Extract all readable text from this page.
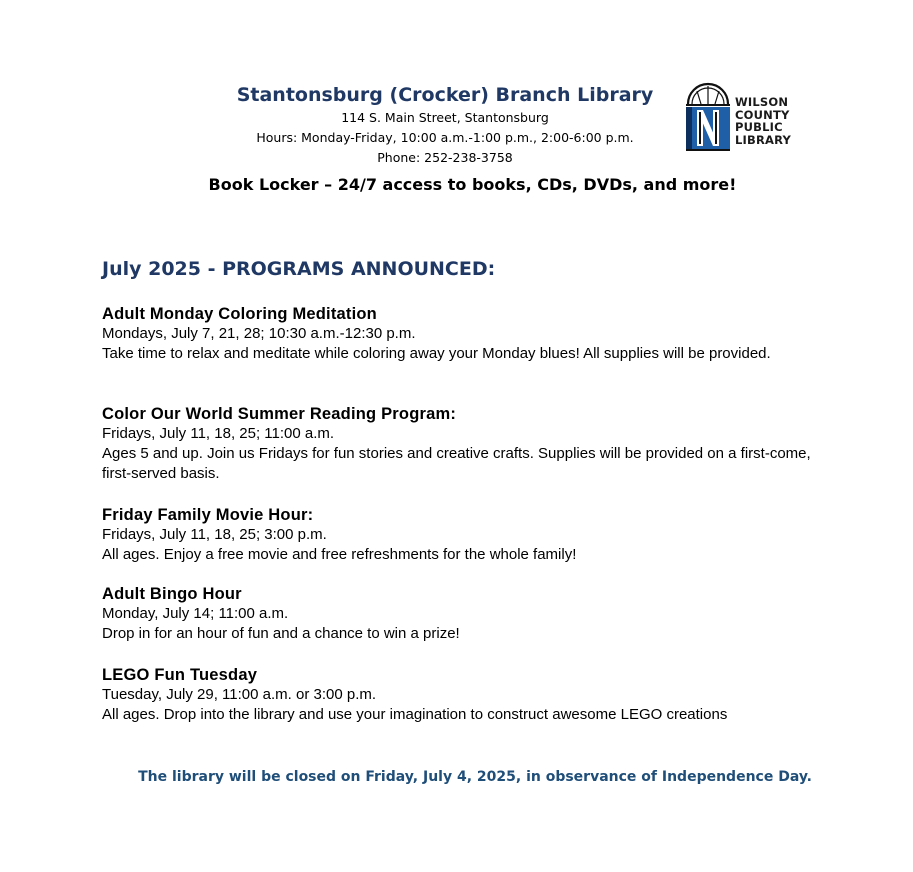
Stantonsburg (Crocker) Branch Library
114 S. Main Street, Stantonsburg
Hours: Monday-Friday, 10:00 a.m.-1:00 p.m., 2:00-6:00 p.m.
Phone: 252-238-3758
Book Locker – 24/7 access to books, CDs, DVDs, and more!
WILSON
COUNTY
PUBLIC
LIBRARY
July 2025 - PROGRAMS ANNOUNCED:
Adult Monday Coloring Meditation
Mondays, July 7, 21, 28; 10:30 a.m.-12:30 p.m.
Take time to relax and meditate while coloring away your Monday blues! All supplies will be provided.
Color Our World Summer Reading Program:
Fridays, July 11, 18, 25; 11:00 a.m.
Ages 5 and up. Join us Fridays for fun stories and creative crafts. Supplies will be provided on a first-come, first-served basis.
Friday Family Movie Hour:
Fridays, July 11, 18, 25; 3:00 p.m.
All ages. Enjoy a free movie and free refreshments for the whole family!
Adult Bingo Hour
Monday, July 14; 11:00 a.m.
Drop in for an hour of fun and a chance to win a prize!
LEGO Fun Tuesday
Tuesday, July 29, 11:00 a.m. or 3:00 p.m.
All ages. Drop into the library and use your imagination to construct awesome LEGO creations
The library will be closed on Friday, July 4, 2025, in observance of Independence Day.
